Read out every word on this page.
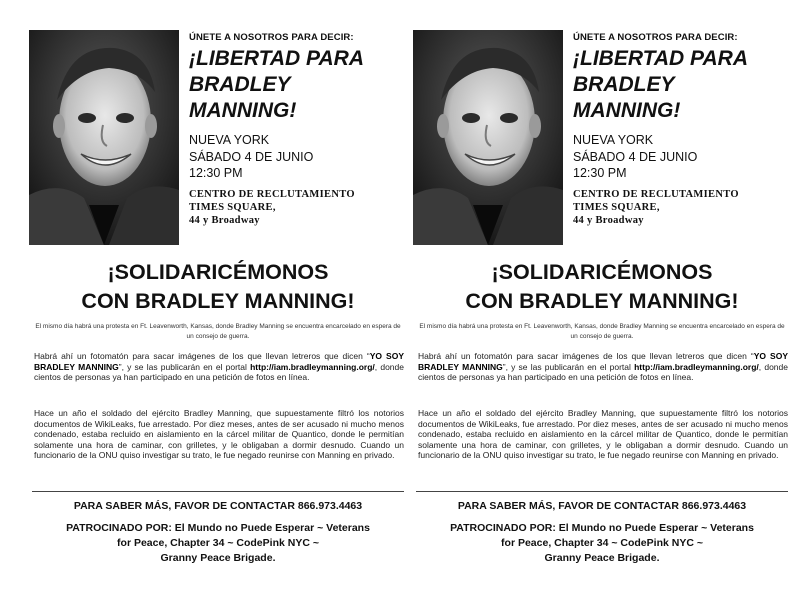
ÚNETE A NOSOTROS PARA DECIR:
¡LIBERTAD PARA
BRADLEY
MANNING!
NUEVA YORK
SÁBADO 4 DE JUNIO
12:30 PM
CENTRO DE RECLUTAMIENTO
TIMES SQUARE,
44 y Broadway
¡SOLIDARICÉMONOS
CON BRADLEY MANNING!
El mismo día habrá una protesta en Ft. Leavenworth, Kansas, donde Bradley Manning se encuentra encarcelado en espera de un consejo de guerra.
Habrá ahí un fotomatón para sacar imágenes de los que llevan letreros que dicen “YO SOY BRADLEY MANNING”, y se las publicarán en el portal http://iam.bradleymanning.org/, donde cientos de personas ya han participado en una petición de fotos en línea.
Hace un año el soldado del ejército Bradley Manning, que supuestamente filtró los notorios documentos de WikiLeaks, fue arrestado. Por diez meses, antes de ser acusado ni mucho menos condenado, estaba recluido en aislamiento en la cárcel militar de Quantico, donde le permitían solamente una hora de caminar, con grilletes, y le obligaban a dormir desnudo. Cuando un funcionario de la ONU quiso investigar su trato, le fue negado reunirse con Manning en privado.
PARA SABER MÁS, FAVOR DE CONTACTAR 866.973.4463
PATROCINADO POR: El Mundo no Puede Esperar ~ Veterans
for Peace, Chapter 34 ~ CodePink NYC ~
Granny Peace Brigade.
ÚNETE A NOSOTROS PARA DECIR:
¡LIBERTAD PARA
BRADLEY
MANNING!
NUEVA YORK
SÁBADO 4 DE JUNIO
12:30 PM
CENTRO DE RECLUTAMIENTO
TIMES SQUARE,
44 y Broadway
¡SOLIDARICÉMONOS
CON BRADLEY MANNING!
El mismo día habrá una protesta en Ft. Leavenworth, Kansas, donde Bradley Manning se encuentra encarcelado en espera de un consejo de guerra.
Habrá ahí un fotomatón para sacar imágenes de los que llevan letreros que dicen “YO SOY BRADLEY MANNING”, y se las publicarán en el portal http://iam.bradleymanning.org/, donde cientos de personas ya han participado en una petición de fotos en línea.
Hace un año el soldado del ejército Bradley Manning, que supuestamente filtró los notorios documentos de WikiLeaks, fue arrestado. Por diez meses, antes de ser acusado ni mucho menos condenado, estaba recluido en aislamiento en la cárcel militar de Quantico, donde le permitían solamente una hora de caminar, con grilletes, y le obligaban a dormir desnudo. Cuando un funcionario de la ONU quiso investigar su trato, le fue negado reunirse con Manning en privado.
PARA SABER MÁS, FAVOR DE CONTACTAR 866.973.4463
PATROCINADO POR: El Mundo no Puede Esperar ~ Veterans
for Peace, Chapter 34 ~ CodePink NYC ~
Granny Peace Brigade.
